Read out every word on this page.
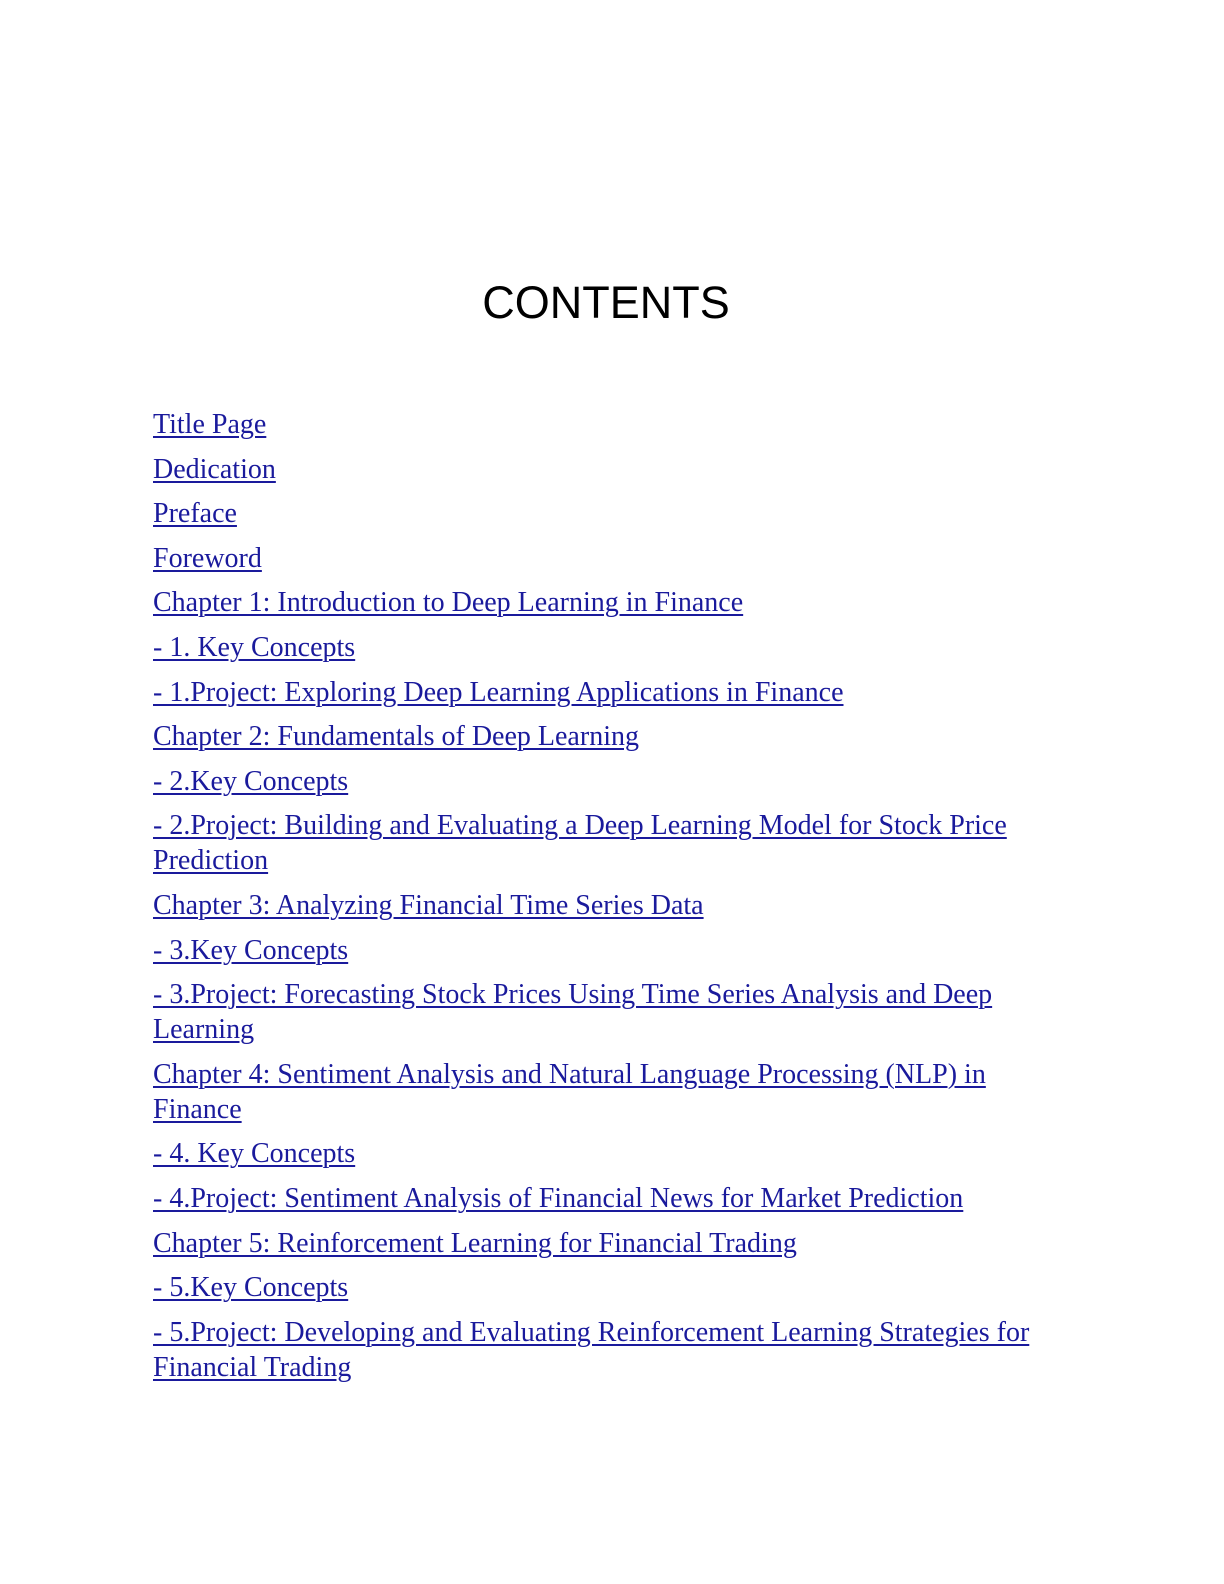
CONTENTS
Title Page
Dedication
Preface
Foreword
Chapter 1: Introduction to Deep Learning in Finance
- 1. Key Concepts
- 1.Project: Exploring Deep Learning Applications in Finance
Chapter 2: Fundamentals of Deep Learning
- 2.Key Concepts
- 2.Project: Building and Evaluating a Deep Learning Model for Stock Price Prediction
Chapter 3: Analyzing Financial Time Series Data
- 3.Key Concepts
- 3.Project: Forecasting Stock Prices Using Time Series Analysis and Deep Learning
Chapter 4: Sentiment Analysis and Natural Language Processing (NLP) in Finance
- 4. Key Concepts
- 4.Project: Sentiment Analysis of Financial News for Market Prediction
Chapter 5: Reinforcement Learning for Financial Trading
- 5.Key Concepts
- 5.Project: Developing and Evaluating Reinforcement Learning Strategies for Financial Trading
